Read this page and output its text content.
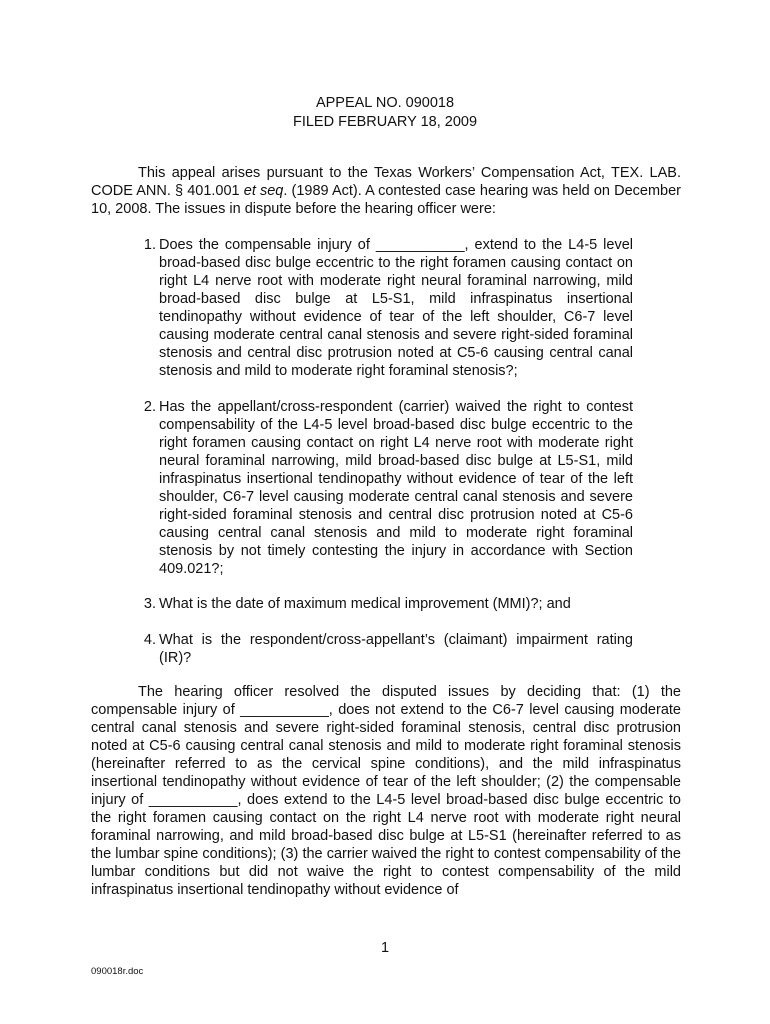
APPEAL NO. 090018
FILED FEBRUARY 18, 2009

This appeal arises pursuant to the Texas Workers’ Compensation Act, TEX. LAB. CODE ANN. § 401.001 et seq. (1989 Act). A contested case hearing was held on December 10, 2008. The issues in dispute before the hearing officer were:

1. Does the compensable injury of ___________, extend to the L4-5 level broad-based disc bulge eccentric to the right foramen causing contact on right L4 nerve root with moderate right neural foraminal narrowing, mild broad-based disc bulge at L5-S1, mild infraspinatus insertional tendinopathy without evidence of tear of the left shoulder, C6-7 level causing moderate central canal stenosis and severe right-sided foraminal stenosis and central disc protrusion noted at C5-6 causing central canal stenosis and mild to moderate right foraminal stenosis?;
2. Has the appellant/cross-respondent (carrier) waived the right to contest compensability of the L4-5 level broad-based disc bulge eccentric to the right foramen causing contact on right L4 nerve root with moderate right neural foraminal narrowing, mild broad-based disc bulge at L5-S1, mild infraspinatus insertional tendinopathy without evidence of tear of the left shoulder, C6-7 level causing moderate central canal stenosis and severe right-sided foraminal stenosis and central disc protrusion noted at C5-6 causing central canal stenosis and mild to moderate right foraminal stenosis by not timely contesting the injury in accordance with Section 409.021?;
3. What is the date of maximum medical improvement (MMI)?; and
4. What is the respondent/cross-appellant’s (claimant) impairment rating (IR)?

The hearing officer resolved the disputed issues by deciding that: (1) the compensable injury of ___________, does not extend to the C6-7 level causing moderate central canal stenosis and severe right-sided foraminal stenosis, central disc protrusion noted at C5-6 causing central canal stenosis and mild to moderate right foraminal stenosis (hereinafter referred to as the cervical spine conditions), and the mild infraspinatus insertional tendinopathy without evidence of tear of the left shoulder; (2) the compensable injury of ___________, does extend to the L4-5 level broad-based disc bulge eccentric to the right foramen causing contact on the right L4 nerve root with moderate right neural foraminal narrowing, and mild broad-based disc bulge at L5-S1 (hereinafter referred to as the lumbar spine conditions); (3) the carrier waived the right to contest compensability of the lumbar conditions but did not waive the right to contest compensability of the mild infraspinatus insertional tendinopathy without evidence of

1
090018r.doc
